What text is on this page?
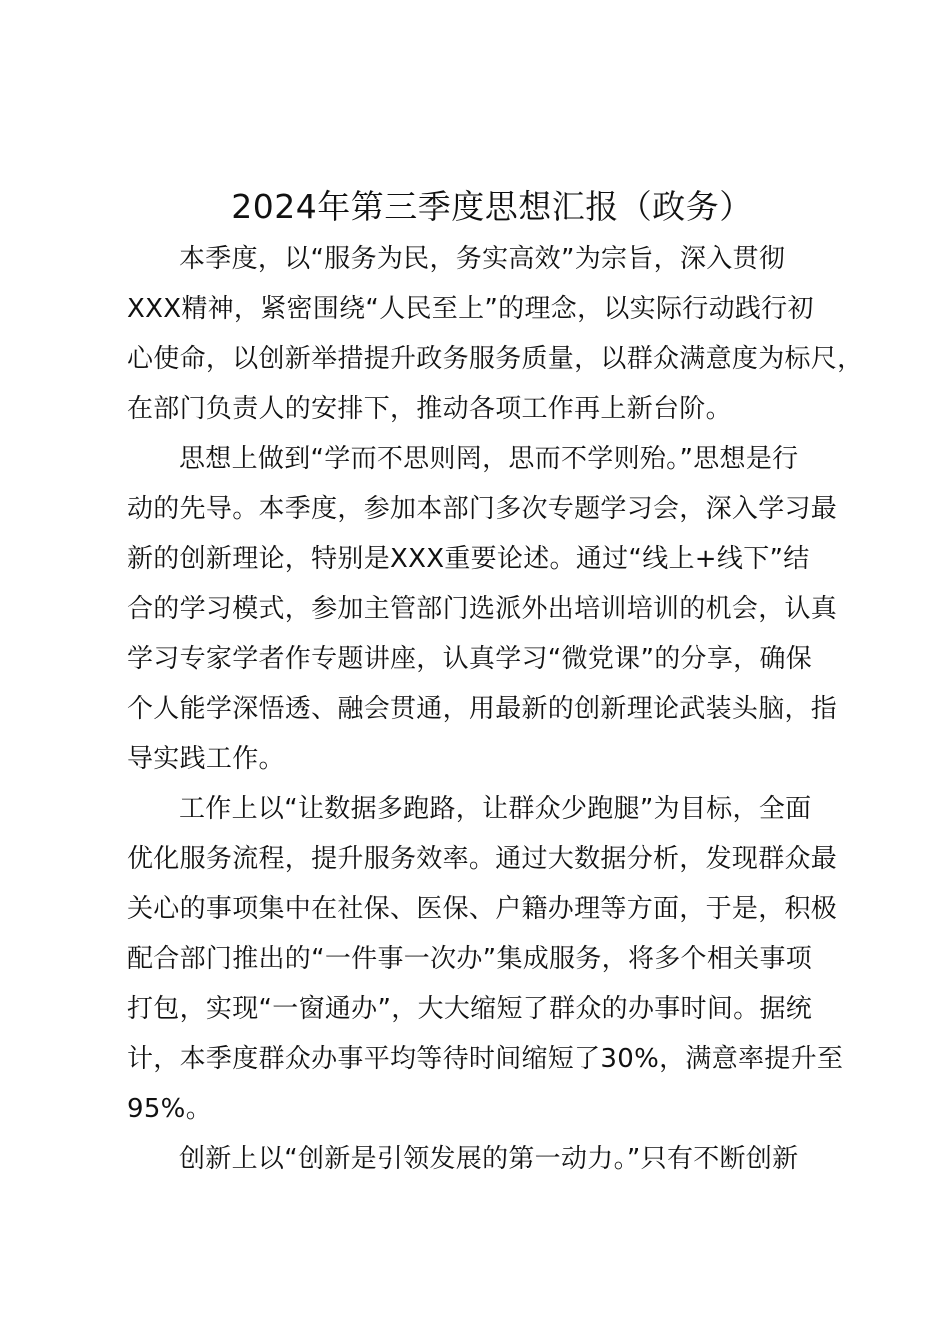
2024年第三季度思想汇报（政务）
本季度，以“服务为民，务实高效”为宗旨，深入贯彻
XXX精神，紧密围绕“人民至上”的理念，以实际行动践行初
心使命，以创新举措提升政务服务质量，以群众满意度为标尺，
在部门负责人的安排下，推动各项工作再上新台阶。
思想上做到“学而不思则罔，思而不学则殆。”思想是行
动的先导。本季度，参加本部门多次专题学习会，深入学习最
新的创新理论，特别是XXX重要论述。通过“线上+线下”结
合的学习模式，参加主管部门选派外出培训培训的机会，认真
学习专家学者作专题讲座，认真学习“微党课”的分享，确保
个人能学深悟透、融会贯通，用最新的创新理论武装头脑，指
导实践工作。
工作上以“让数据多跑路，让群众少跑腿”为目标，全面
优化服务流程，提升服务效率。通过大数据分析，发现群众最
关心的事项集中在社保、医保、户籍办理等方面，于是，积极
配合部门推出的“一件事一次办”集成服务，将多个相关事项
打包，实现“一窗通办”，大大缩短了群众的办事时间。据统
计，本季度群众办事平均等待时间缩短了30%，满意率提升至
95%。
创新上以“创新是引领发展的第一动力。”只有不断创新
